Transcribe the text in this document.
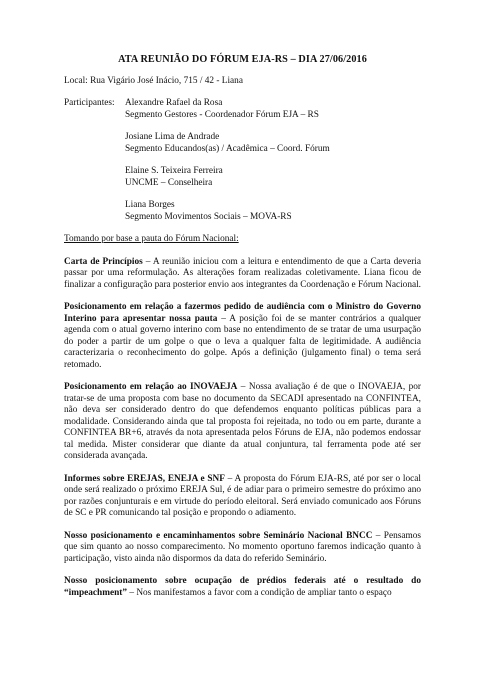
ATA REUNIÃO DO FÓRUM EJA-RS – DIA 27/06/2016
Local: Rua Vigário José Inácio, 715 / 42 - Liana
Participantes:	Alexandre Rafael da Rosa
Segmento Gestores - Coordenador Fórum EJA – RS
Josiane Lima de Andrade
Segmento Educandos(as) / Acadêmica – Coord. Fórum
Elaine S. Teixeira Ferreira
UNCME – Conselheira
Liana Borges
Segmento Movimentos Sociais – MOVA-RS
Tomando por base a pauta do Fórum Nacional:

Carta de Princípios – A reunião iniciou com a leitura e entendimento de que a Carta deveria passar por uma reformulação. As alterações foram realizadas coletivamente. Liana ficou de finalizar a configuração para posterior envio aos integrantes da Coordenação e Fórum Nacional.

Posicionamento em relação a fazermos pedido de audiência com o Ministro do Governo Interino para apresentar nossa pauta – A posição foi de se manter contrários a qualquer agenda com o atual governo interino com base no entendimento de se tratar de uma usurpação do poder a partir de um golpe o que o leva a qualquer falta de legitimidade. A audiência caracterizaria o reconhecimento do golpe. Após a definição (julgamento final) o tema será retomado.

Posicionamento em relação ao INOVAEJA – Nossa avaliação é de que o INOVAEJA, por tratar-se de uma proposta com base no documento da SECADI apresentado na CONFINTEA, não deva ser considerado dentro do que defendemos enquanto políticas públicas para a modalidade. Considerando ainda que tal proposta foi rejeitada, no todo ou em parte, durante a CONFINTEA BR+6, através da nota apresentada pelos Fóruns de EJA, não podemos endossar tal medida. Mister considerar que diante da atual conjuntura, tal ferramenta pode até ser considerada avançada.

Informes sobre EREJAS, ENEJA e SNF – A proposta do Fórum EJA-RS, até por ser o local onde será realizado o próximo EREJA Sul, é de adiar para o primeiro semestre do próximo ano por razões conjunturais e em virtude do período eleitoral. Será enviado comunicado aos Fóruns de SC e PR comunicando tal posição e propondo o adiamento.

Nosso posicionamento e encaminhamentos sobre Seminário Nacional BNCC – Pensamos que sim quanto ao nosso comparecimento. No momento oportuno faremos indicação quanto à participação, visto ainda não dispormos da data do referido Seminário.

Nosso posicionamento sobre ocupação de prédios federais até o resultado do “impeachment” – Nos manifestamos a favor com a condição de ampliar tanto o espaço
